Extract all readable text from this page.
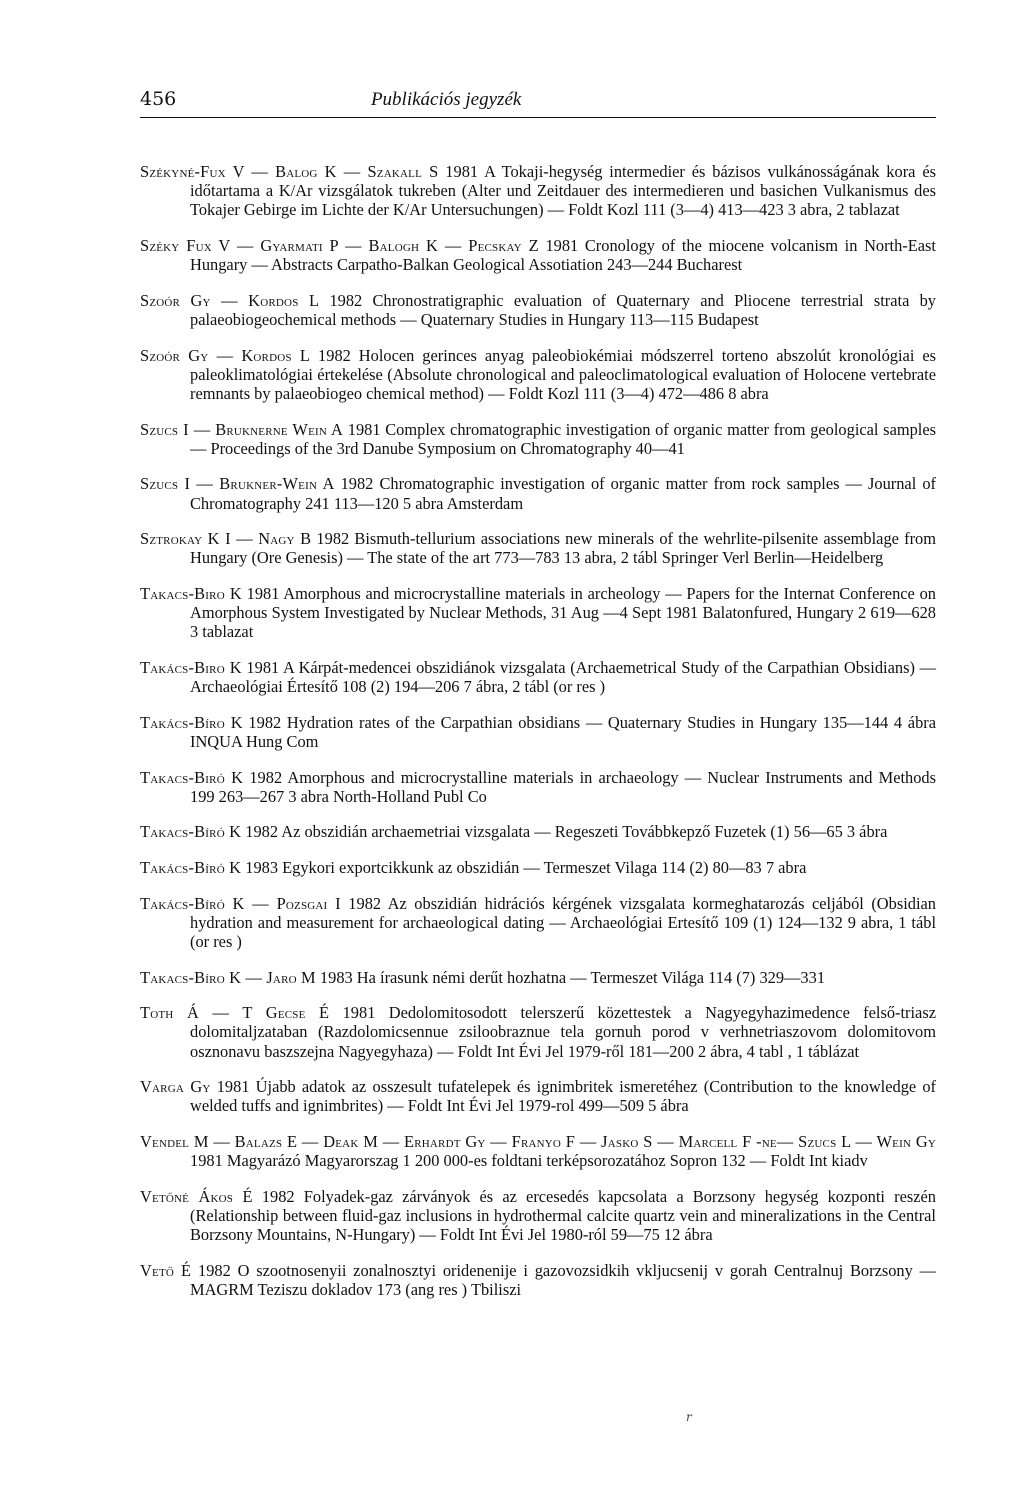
456	Publikációs jegyzék

Székyné-Fux V — Balog K — Szakall S 1981 A Tokaji-hegység intermedier és bázisos vulkánosságának kora és időtartama a K/Ar vizsgálatok tukreben (Alter und Zeitdauer des intermedieren und basichen Vulkanismus des Tokajer Gebirge im Lichte der K/Ar Untersuchungen) — Foldt Kozl 111 (3—4) 413—423 3 abra, 2 tablazat

Széky Fux V — Gyarmati P — Balogh K — Pecskay Z 1981 Cronology of the miocene volcanism in North-East Hungary — Abstracts Carpatho-Balkan Geological Assotiation 243—244 Bucharest

Szoór Gy — Kordos L 1982 Chronostratigraphic evaluation of Quaternary and Pliocene terrestrial strata by palaeobiogeochemical methods — Quaternary Studies in Hungary 113—115 Budapest

Szoór Gy — Kordos L 1982 Holocen gerinces anyag paleobiokémiai módszerrel torteno abszolút kronológiai es paleoklimatológiai értekelése (Absolute chronological and paleoclimatological evaluation of Holocene vertebrate remnants by palaeobiogeo chemical method) — Foldt Kozl 111 (3—4) 472—486 8 abra

Szucs I — Bruknerne Wein A 1981 Complex chromatographic investigation of organic matter from geological samples — Proceedings of the 3rd Danube Symposium on Chromatography 40—41

Szucs I — Brukner-Wein A 1982 Chromatographic investigation of organic matter from rock samples — Journal of Chromatography 241 113—120 5 abra Amsterdam

Sztrokay K I — Nagy B 1982 Bismuth-tellurium associations new minerals of the wehrlite-pilsenite assemblage from Hungary (Ore Genesis) — The state of the art 773—783 13 abra, 2 tábl Springer Verl Berlin—Heidelberg

Takacs-Biro K 1981 Amorphous and microcrystalline materials in archeology — Papers for the Internat Conference on Amorphous System Investigated by Nuclear Methods, 31 Aug —4 Sept 1981 Balatonfured, Hungary 2 619—628 3 tablazat

Takács-Biro K 1981 A Kárpát-medencei obszidiánok vizsgalata (Archaemetrical Study of the Carpathian Obsidians) — Archaeológiai Értesítő 108 (2) 194—206 7 ábra, 2 tábl (or res )

Takács-Bíro K 1982 Hydration rates of the Carpathian obsidians — Quaternary Studies in Hungary 135—144 4 ábra INQUA Hung Com

Takacs-Biró K 1982 Amorphous and microcrystalline materials in archaeology — Nuclear Instruments and Methods 199 263—267 3 abra North-Holland Publ Co

Takacs-Bíró K 1982 Az obszidián archaemetriai vizsgalata — Regeszeti Továbbkepző Fuzetek (1) 56—65 3 ábra

Takács-Bíró K 1983 Egykori exportcikkunk az obszidián — Termeszet Vilaga 114 (2) 80—83 7 abra

Takács-Bíró K — Pozsgai I 1982 Az obszidián hidrációs kérgének vizsgalata kormeghatarozás celjából (Obsidian hydration and measurement for archaeological dating — Archaeológiai Ertesítő 109 (1) 124—132 9 abra, 1 tábl (or res )

Takacs-Bíro K — Jaro M 1983 Ha írasunk némi derűt hozhatna — Termeszet Világa 114 (7) 329—331

Toth Á — T Gecse É 1981 Dedolomitosodott telerszerű közettestek a Nagyegyhazimedence felső-triasz dolomitaljzataban (Razdolomicsennue zsiloobraznue tela gornuh porod v verhnetriaszovom dolomitovom osznonavu baszszejna Nagyegyhaza) — Foldt Int Évi Jel 1979-ről 181—200 2 ábra, 4 tabl , 1 táblázat

Varga Gy 1981 Újabb adatok az osszesult tufatelepek és ignimbritek ismeretéhez (Contribution to the knowledge of welded tuffs and ignimbrites) — Foldt Int Évi Jel 1979-rol 499—509 5 ábra

Vendel M — Balazs E — Deak M — Erhardt Gy — Franyo F — Jasko S — Marcell F -ne— Szucs L — Wein Gy 1981 Magyarázó Magyarorszag 1 200 000-es foldtani terképsorozatához Sopron 132 — Foldt Int kiadv

Vetőné Ákos É 1982 Folyadek-gaz zárványok és az ercesedés kapcsolata a Borzsony hegység kozponti reszén (Relationship between fluid-gaz inclusions in hydrothermal calcite quartz vein and mineralizations in the Central Borzsony Mountains, N-Hungary) — Foldt Int Évi Jel 1980-ról 59—75 12 ábra

Vető É 1982 O szootnosenyii zonalnosztyi oridenenije i gazovozsidkih vkljucsenij v gorah Centralnuj Borzsony — MAGRM Teziszu dokladov 173 (ang res ) Tbiliszi

r
